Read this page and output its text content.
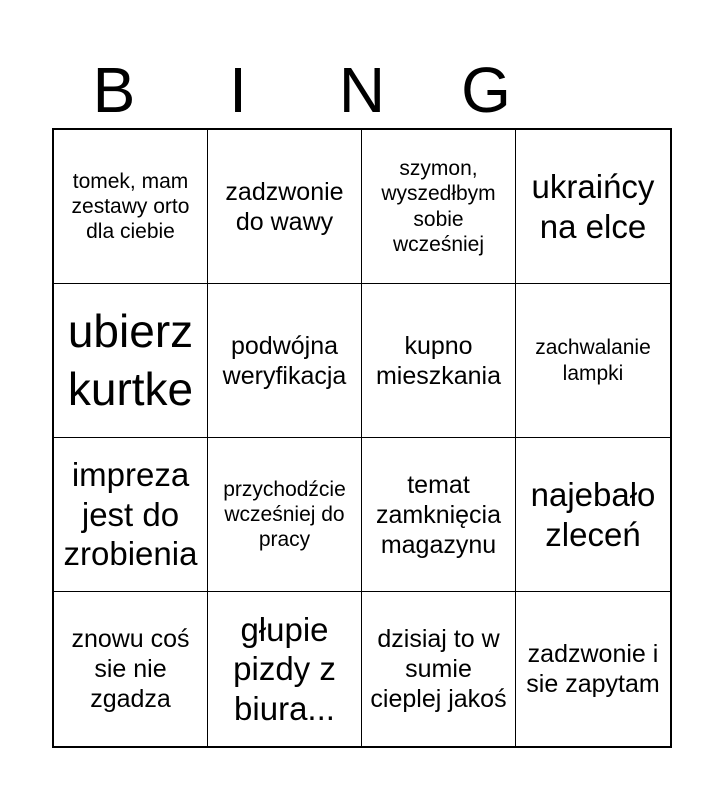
B	I	N	G
tomek, mam zestawy orto dla ciebie
zadzwonie do wawy
szymon, wyszedłbym sobie wcześniej
ukraińcy na elce
ubierz kurtke
podwójna weryfikacja
kupno mieszkania
zachwalanie lampki
impreza jest do zrobienia
przychodźcie wcześniej do pracy
temat zamknięcia magazynu
najebało zleceń
znowu coś sie nie zgadza
głupie pizdy z biura...
dzisiaj to w sumie cieplej jakoś
zadzwonie i sie zapytam
